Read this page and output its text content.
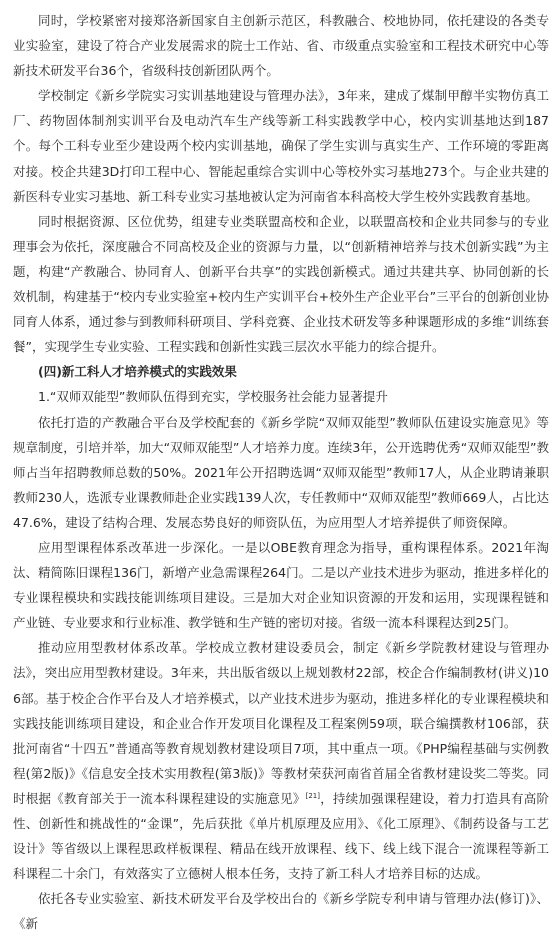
同时，学校紧密对接郑洛新国家自主创新示范区，科教融合、校地协同，依托建设的各类专业实验室，建设了符合产业发展需求的院士工作站、省、市级重点实验室和工程技术研究中心等新技术研发平台36个，省级科技创新团队两个。

学校制定《新乡学院实习实训基地建设与管理办法》，3年来，建成了煤制甲醇半实物仿真工厂、药物固体制剂实训平台及电动汽车生产线等新工科实践教学中心，校内实训基地达到187个。每个工科专业至少建设两个校内实训基地，确保了学生实训与真实生产、工作环境的零距离对接。校企共建3D打印工程中心、智能起重综合实训中心等校外实习基地273个。与企业共建的新医科专业实习基地、新工科专业实习基地被认定为河南省本科高校大学生校外实践教育基地。

同时根据资源、区位优势，组建专业类联盟高校和企业，以联盟高校和企业共同参与的专业理事会为依托，深度融合不同高校及企业的资源与力量，以“创新精神培养与技术创新实践”为主题，构建“产教融合、协同育人、创新平台共享”的实践创新模式。通过共建共享、协同创新的长效机制，构建基于“校内专业实验室+校内生产实训平台+校外生产企业平台”三平台的创新创业协同育人体系，通过参与到教师科研项目、学科竞赛、企业技术研发等多种课题形成的多维“训练套餐”，实现学生专业实验、工程实践和创新性实践三层次水平能力的综合提升。

(四)新工科人才培养模式的实践效果

1.“双师双能型”教师队伍得到充实，学校服务社会能力显著提升

依托打造的产教融合平台及学校配套的《新乡学院“双师双能型”教师队伍建设实施意见》等规章制度，引培并举，加大“双师双能型”人才培养力度。连续3年，公开选聘优秀“双师双能型”教师占当年招聘教师总数的50%。2021年公开招聘选调“双师双能型”教师17人，从企业聘请兼职教师230人，选派专业课教师赴企业实践139人次，专任教师中“双师双能型”教师669人，占比达47.6%，建设了结构合理、发展态势良好的师资队伍，为应用型人才培养提供了师资保障。

应用型课程体系改革进一步深化。一是以OBE教育理念为指导，重构课程体系。2021年淘汰、精简陈旧课程136门，新增产业急需课程264门。二是以产业技术进步为驱动，推进多样化的专业课程模块和实践技能训练项目建设。三是加大对企业知识资源的开发和运用，实现课程链和产业链、专业要求和行业标准、教学链和生产链的密切对接。省级一流本科课程达到25门。

推动应用型教材体系改革。学校成立教材建设委员会，制定《新乡学院教材建设与管理办法》，突出应用型教材建设。3年来，共出版省级以上规划教材22部，校企合作编制教材(讲义)106部。基于校企合作平台及人才培养模式，以产业技术进步为驱动，推进多样化的专业课程模块和实践技能训练项目建设，和企业合作开发项目化课程及工程案例59项，联合编撰教材106部，获批河南省“十四五”普通高等教育规划教材建设项目7项，其中重点一项。《PHP编程基础与实例教程(第2版)》《信息安全技术实用教程(第3版)》等教材荣获河南省首届全省教材建设奖二等奖。同时根据《教育部关于一流本科课程建设的实施意见》[21]，持续加强课程建设，着力打造具有高阶性、创新性和挑战性的“金课”，先后获批《单片机原理及应用》、《化工原理》、《制药设备与工艺设计》等省级以上课程思政样板课程、精品在线开放课程、线下、线上线下混合一流课程等新工科课程二十余门，有效落实了立德树人根本任务，支持了新工科人才培养目标的达成。

依托各专业实验室、新技术研发平台及学校出台的《新乡学院专利申请与管理办法(修订)》、《新
